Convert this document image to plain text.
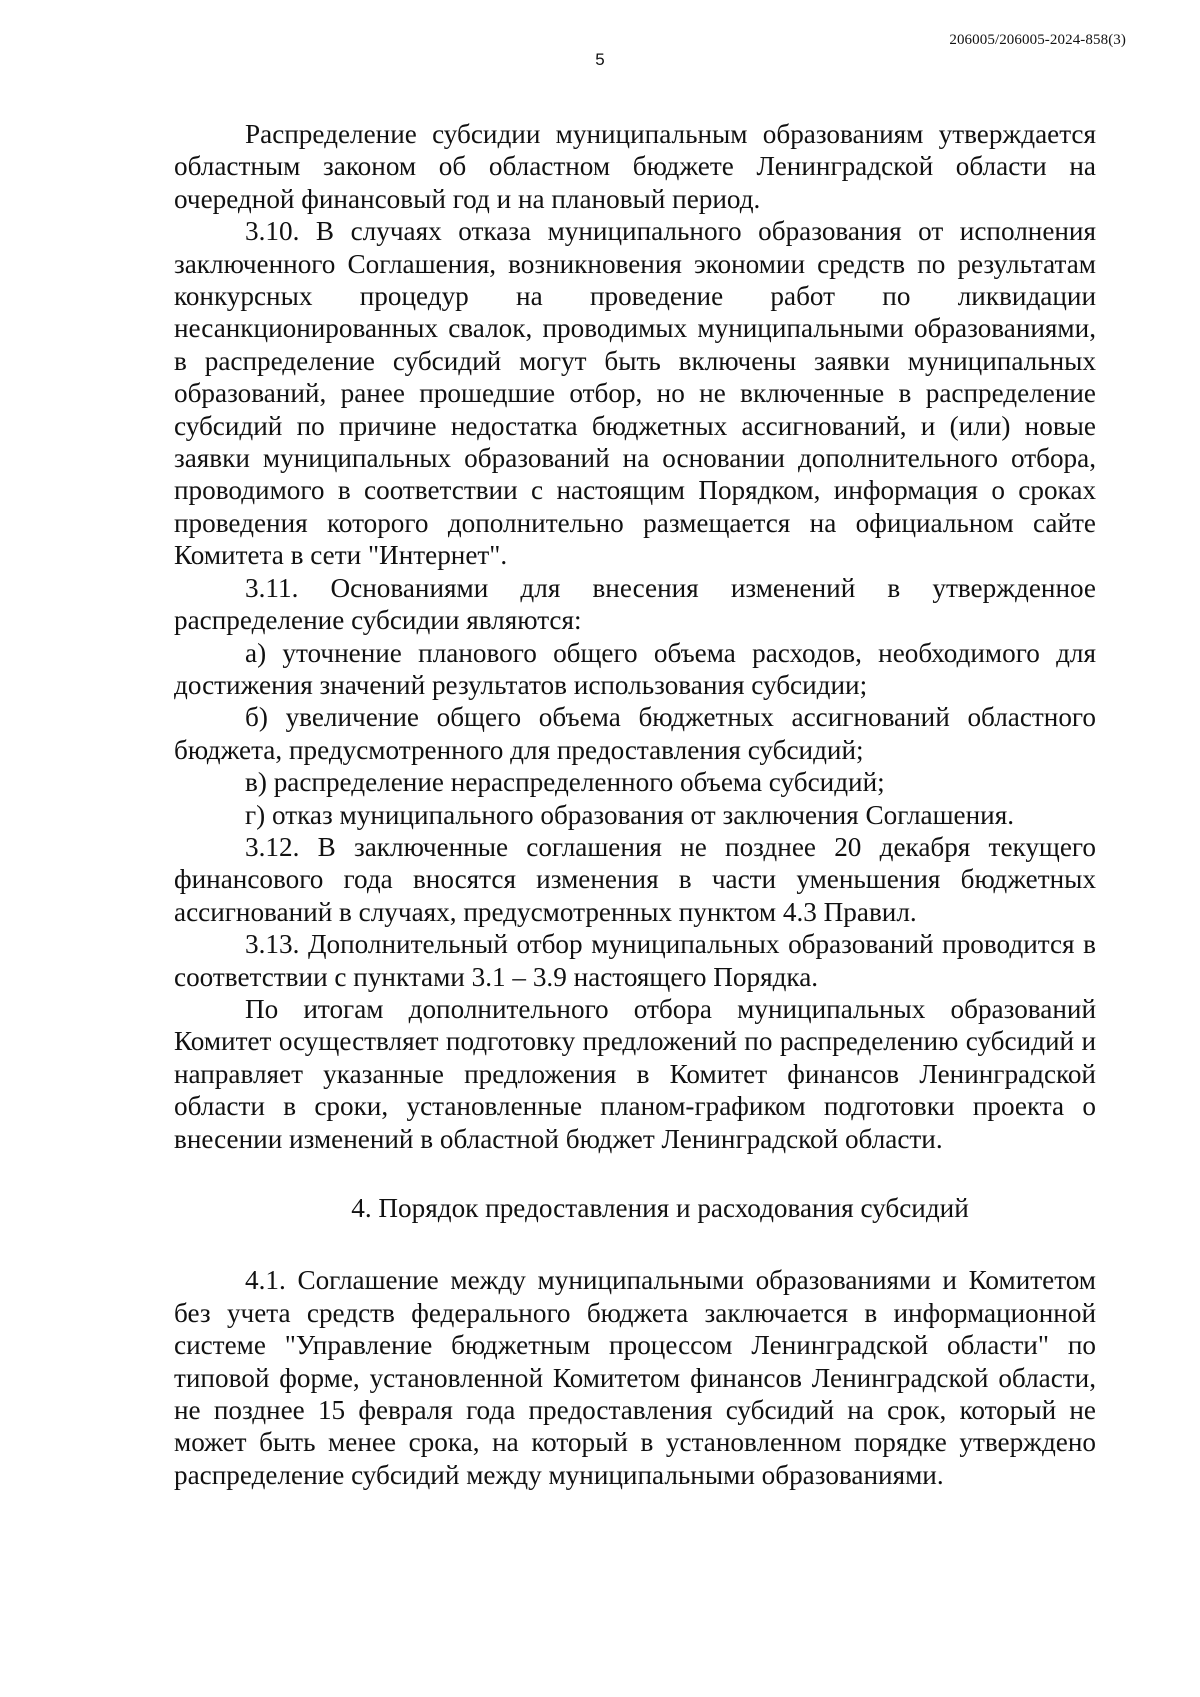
206005/206005-2024-858(3)
5

Распределение субсидии муниципальным образованиям утверждается областным законом об областном бюджете Ленинградской области на очередной финансовый год и на плановый период.

3.10. В случаях отказа муниципального образования от исполнения заключенного Соглашения, возникновения экономии средств по результатам конкурсных процедур на проведение работ по ликвидации несанкционированных свалок, проводимых муниципальными образованиями, в распределение субсидий могут быть включены заявки муниципальных образований, ранее прошедшие отбор, но не включенные в распределение субсидий по причине недостатка бюджетных ассигнований, и (или) новые заявки муниципальных образований на основании дополнительного отбора, проводимого в соответствии с настоящим Порядком, информация о сроках проведения которого дополнительно размещается на официальном сайте Комитета в сети "Интернет".

3.11. Основаниями для внесения изменений в утвержденное распределение субсидии являются:

а) уточнение планового общего объема расходов, необходимого для достижения значений результатов использования субсидии;

б) увеличение общего объема бюджетных ассигнований областного бюджета, предусмотренного для предоставления субсидий;

в) распределение нераспределенного объема субсидий;

г) отказ муниципального образования от заключения Соглашения.

3.12. В заключенные соглашения не позднее 20 декабря текущего финансового года вносятся изменения в части уменьшения бюджетных ассигнований в случаях, предусмотренных пунктом 4.3 Правил.

3.13. Дополнительный отбор муниципальных образований проводится в соответствии с пунктами 3.1 – 3.9 настоящего Порядка.

По итогам дополнительного отбора муниципальных образований Комитет осуществляет подготовку предложений по распределению субсидий и направляет указанные предложения в Комитет финансов Ленинградской области в сроки, установленные планом-графиком подготовки проекта о внесении изменений в областной бюджет Ленинградской области.

4. Порядок предоставления и расходования субсидий

4.1. Соглашение между муниципальными образованиями и Комитетом без учета средств федерального бюджета заключается в информационной системе "Управление бюджетным процессом Ленинградской области" по типовой форме, установленной Комитетом финансов Ленинградской области, не позднее 15 февраля года предоставления субсидий на срок, который не может быть менее срока, на который в установленном порядке утверждено распределение субсидий между муниципальными образованиями.
